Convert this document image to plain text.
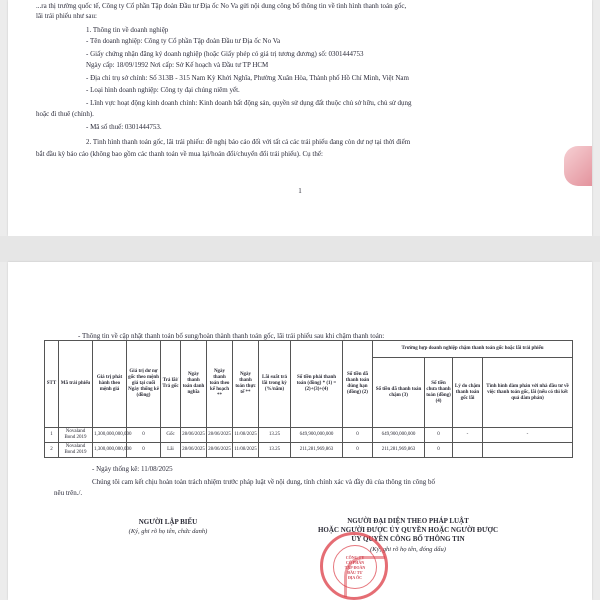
...ra thị trường quốc tế, Công ty Cổ phần Tập đoàn Đầu tư Địa ốc No Va gửi nội dung công bố thông tin về tình hình thanh toán gốc,
lãi trái phiếu như sau:
1. Thông tin về doanh nghiệp
- Tên doanh nghiệp: Công ty Cổ phần Tập đoàn Đầu tư Địa ốc No Va
- Giấy chứng nhận đăng ký doanh nghiệp (hoặc Giấy phép có giá trị tương đương) số: 0301444753
Ngày cấp: 18/09/1992 Nơi cấp: Sở Kế hoạch và Đầu tư TP HCM
- Địa chỉ trụ sở chính: Số 313B - 315 Nam Kỳ Khởi Nghĩa, Phường Xuân Hòa, Thành phố Hồ Chí Minh, Việt Nam
- Loại hình doanh nghiệp: Công ty đại chúng niêm yết.
- Lĩnh vực hoạt động kinh doanh chính: Kinh doanh bất động sản, quyền sử dụng đất thuộc chủ sở hữu, chủ sử dụng
hoặc đi thuê (chính).
- Mã số thuế: 0301444753.
2. Tình hình thanh toán gốc, lãi trái phiếu: đề nghị báo cáo đối với tất cả các trái phiếu đang còn dư nợ tại thời điểm
bắt đầu kỳ báo cáo (không bao gồm các thanh toán về mua lại/hoán đổi/chuyển đổi trái phiếu). Cụ thể:
1
- Thông tin về cập nhật thanh toán bổ sung/hoàn thành thanh toán gốc, lãi trái phiếu sau khi chậm thanh toán:
STT	Mã trái phiếu	Giá trị phát hành theo mệnh giá	Giá trị dư nợ gốc theo mệnh giá tại cuối Ngày thống kê (đồng)	Trả lãi/ Trả gốc	Ngày thanh toán danh nghĩa	Ngày thanh toán theo kế hoạch **	Ngày thanh toán thực tế **	Lãi suất trả lãi trong kỳ (%/năm)	Số tiền phải thanh toán (đồng) * (1) = (2)+(3)+(4)	Số tiền đã thanh toán đúng hạn (đồng) (2)	Trường hợp doanh nghiệp chậm thanh toán gốc hoặc lãi trái phiếu			
											Số tiền đã thanh toán chậm (3)	Số tiền chưa thanh toán (đồng) (4)	Lý do chậm thanh toán gốc lãi	Tình hình đàm phán với nhà đầu tư về việc thanh toán gốc, lãi (nếu có thì kết quả đàm phán)
1	Novaland Bond 2019	1,300,000,000,000	0	Gốc	28/06/2025	28/06/2025	11/08/2025	13.25	649,900,000,000	0	649,900,000,000	0	-	-
2	Novaland Bond 2019	1,300,000,000,000	0	Lãi	28/06/2025	28/06/2025	11/08/2025	13.25	211,281,969,863	0	211,281,969,863	0		
- Ngày thống kê: 11/08/2025
Chúng tôi cam kết chịu hoàn toàn trách nhiệm trước pháp luật về nội dung, tính chính xác và đầy đủ của thông tin công bố
nêu trên./.
NGƯỜI LẬP BIỂU
(Ký, ghi rõ họ tên, chức danh)
NGƯỜI ĐẠI DIỆN THEO PHÁP LUẬT
HOẶC NGƯỜI ĐƯỢC ỦY QUYỀN HOẶC NGƯỜI ĐƯỢC
ỦY QUYỀN CÔNG BỐ THÔNG TIN
(Ký, ghi rõ họ tên, đóng dấu)
CÔNG TY
CỔ PHẦN
TẬP ĐOÀN
ĐẦU TƯ
ĐỊA ỐC
